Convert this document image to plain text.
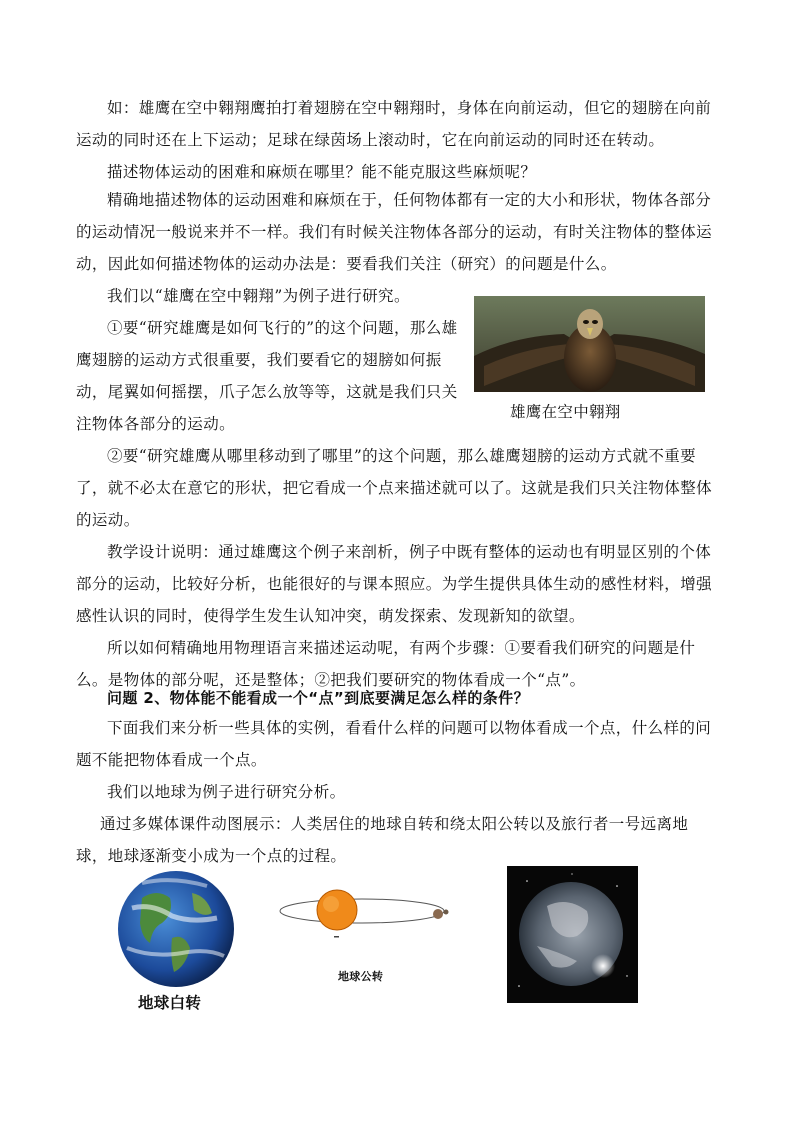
如：雄鹰在空中翱翔鹰拍打着翅膀在空中翱翔时，身体在向前运动，但它的翅膀在向前运动的同时还在上下运动；足球在绿茵场上滚动时，它在向前运动的同时还在转动。

描述物体运动的困难和麻烦在哪里？能不能克服这些麻烦呢？

精确地描述物体的运动困难和麻烦在于，任何物体都有一定的大小和形状，物体各部分的运动情况一般说来并不一样。我们有时候关注物体各部分的运动，有时关注物体的整体运动，因此如何描述物体的运动办法是：要看我们关注（研究）的问题是什么。

我们以“雄鹰在空中翱翔”为例子进行研究。

①要“研究雄鹰是如何飞行的”的这个问题，那么雄鹰翅膀的运动方式很重要，我们要看它的翅膀如何振动，尾翼如何摇摆，爪子怎么放等等，这就是我们只关注物体各部分的运动。

雄鹰在空中翱翔

②要“研究雄鹰从哪里移动到了哪里”的这个问题，那么雄鹰翅膀的运动方式就不重要了，就不必太在意它的形状，把它看成一个点来描述就可以了。这就是我们只关注物体整体的运动。

教学设计说明：通过雄鹰这个例子来剖析，例子中既有整体的运动也有明显区别的个体部分的运动，比较好分析，也能很好的与课本照应。为学生提供具体生动的感性材料，增强感性认识的同时，使得学生发生认知冲突，萌发探索、发现新知的欲望。

所以如何精确地用物理语言来描述运动呢，有两个步骤：①要看我们研究的问题是什么。是物体的部分呢，还是整体；②把我们要研究的物体看成一个“点”。

问题 2、物体能不能看成一个“点”到底要满足怎么样的条件？

下面我们来分析一些具体的实例，看看什么样的问题可以物体看成一个点，什么样的问题不能把物体看成一个点。

我们以地球为例子进行研究分析。

通过多媒体课件动图展示：人类居住的地球自转和绕太阳公转以及旅行者一号远离地球，地球逐渐变小成为一个点的过程。

地球白转
地球公转
